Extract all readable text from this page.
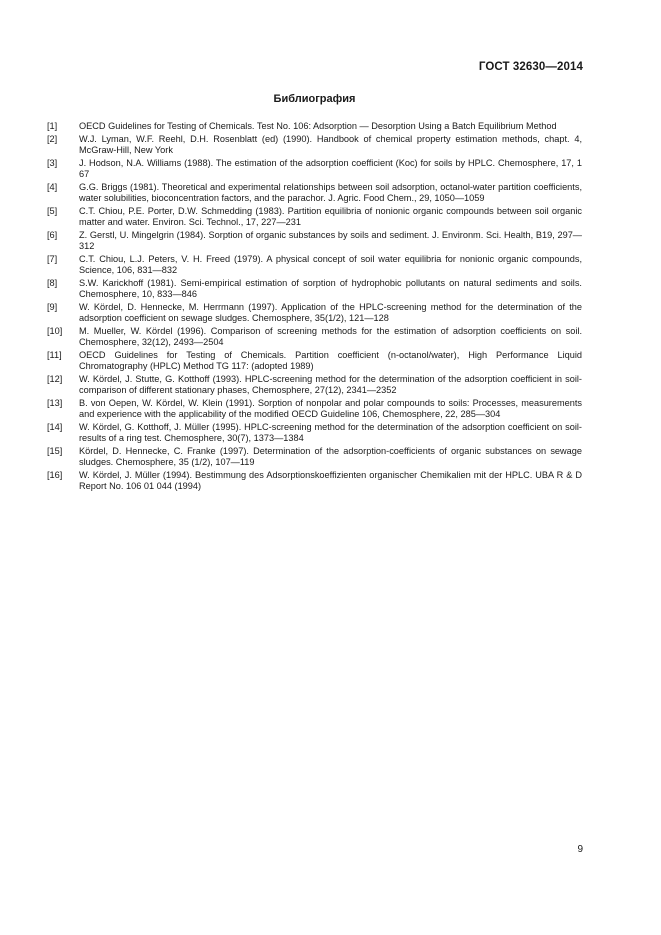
ГОСТ 32630—2014
Библиография
[1]	OECD Guidelines for Testing of Chemicals. Test No. 106: Adsorption — Desorption Using a Batch Equilibrium Method
[2]	W.J. Lyman, W.F. Reehl, D.H. Rosenblatt (ed) (1990). Handbook of chemical property estimation methods, chapt. 4, McGraw-Hill, New York
[3]	J. Hodson, N.A. Williams (1988). The estimation of the adsorption coefficient (Koc) for soils by HPLC. Chemosphere, 17, 1 67
[4]	G.G. Briggs (1981). Theoretical and experimental relationships between soil adsorption, octanol-water partition coefficients, water solubilities, bioconcentration factors, and the parachor. J. Agric. Food Chem., 29, 1050—1059
[5]	C.T. Chiou, P.E. Porter, D.W. Schmedding (1983). Partition equilibria of nonionic organic compounds between soil organic matter and water. Environ. Sci. Technol., 17, 227—231
[6]	Z. Gerstl, U. Mingelgrin (1984). Sorption of organic substances by soils and sediment. J. Environm. Sci. Health, B19, 297—312
[7]	C.T. Chiou, L.J. Peters, V. H. Freed (1979). A physical concept of soil water equilibria for nonionic organic compounds, Science, 106, 831—832
[8]	S.W. Karickhoff (1981). Semi-empirical estimation of sorption of hydrophobic pollutants on natural sediments and soils. Chemosphere, 10, 833—846
[9]	W. Kördel, D. Hennecke, M. Herrmann (1997). Application of the HPLC-screening method for the determination of the adsorption coefficient on sewage sludges. Chemosphere, 35(1/2), 121—128
[10]	M. Mueller, W. Kördel (1996). Comparison of screening methods for the estimation of adsorption coefficients on soil. Chemosphere, 32(12), 2493—2504
[11]	OECD Guidelines for Testing of Chemicals. Partition coefficient (n-octanol/water), High Performance Liquid Chromatography (HPLC) Method TG 117: (adopted 1989)
[12]	W. Kördel, J. Stutte, G. Kotthoff (1993). HPLC-screening method for the determination of the adsorption coefficient in soil-comparison of different stationary phases, Chemosphere, 27(12), 2341—2352
[13]	B. von Oepen, W. Kördel, W. Klein (1991). Sorption of nonpolar and polar compounds to soils: Processes, measurements and experience with the applicability of the modified OECD Guideline 106, Chemosphere, 22, 285—304
[14]	W. Kördel, G. Kotthoff, J. Müller (1995). HPLC-screening method for the determination of the adsorption coefficient on soil-results of a ring test. Chemosphere, 30(7), 1373—1384
[15]	Kördel, D. Hennecke, C. Franke (1997). Determination of the adsorption-coefficients of organic substances on sewage sludges. Chemosphere, 35 (1/2), 107—119
[16]	W. Kördel, J. Müller (1994). Bestimmung des Adsorptionskoeffizienten organischer Chemikalien mit der HPLC. UBA R & D Report No. 106 01 044 (1994)
9
